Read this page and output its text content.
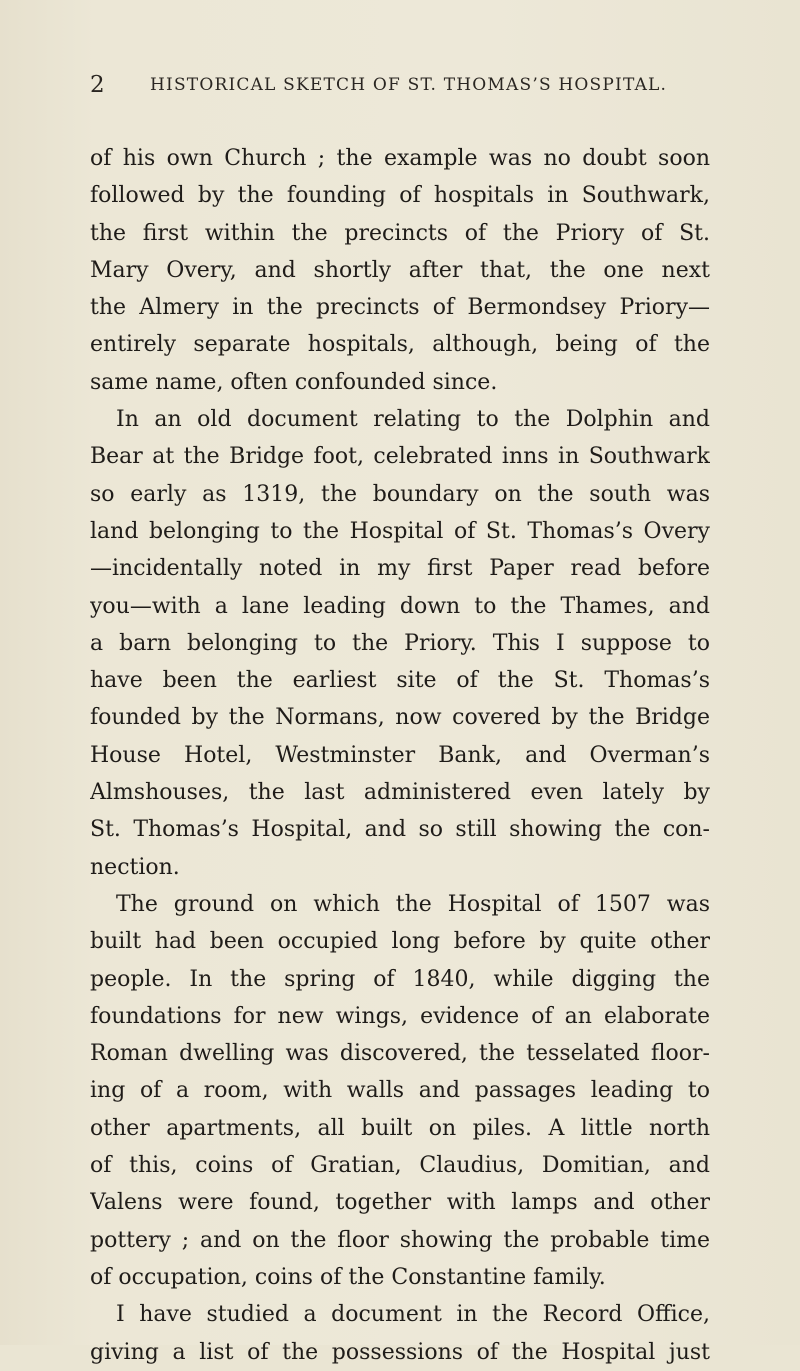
2	HISTORICAL SKETCH OF ST. THOMAS’S HOSPITAL.
of his own Church ; the example was no doubt soon
followed by the founding of hospitals in Southwark,
the first within the precincts of the Priory of St.
Mary Overy, and shortly after that, the one next
the Almery in the precincts of Bermondsey Priory—
entirely separate hospitals, although, being of the
same name, often confounded since.
In an old document relating to the Dolphin and
Bear at the Bridge foot, celebrated inns in Southwark
so early as 1319, the boundary on the south was
land belonging to the Hospital of St. Thomas’s Overy
—incidentally noted in my first Paper read before
you—with a lane leading down to the Thames, and
a barn belonging to the Priory. This I suppose to
have been the earliest site of the St. Thomas’s
founded by the Normans, now covered by the Bridge
House Hotel, Westminster Bank, and Overman’s
Almshouses, the last administered even lately by
St. Thomas’s Hospital, and so still showing the con-
nection.
The ground on which the Hospital of 1507 was
built had been occupied long before by quite other
people. In the spring of 1840, while digging the
foundations for new wings, evidence of an elaborate
Roman dwelling was discovered, the tesselated floor-
ing of a room, with walls and passages leading to
other apartments, all built on piles. A little north
of this, coins of Gratian, Claudius, Domitian, and
Valens were found, together with lamps and other
pottery ; and on the floor showing the probable time
of occupation, coins of the Constantine family.
I have studied a document in the Record Office,
giving a list of the possessions of the Hospital just
